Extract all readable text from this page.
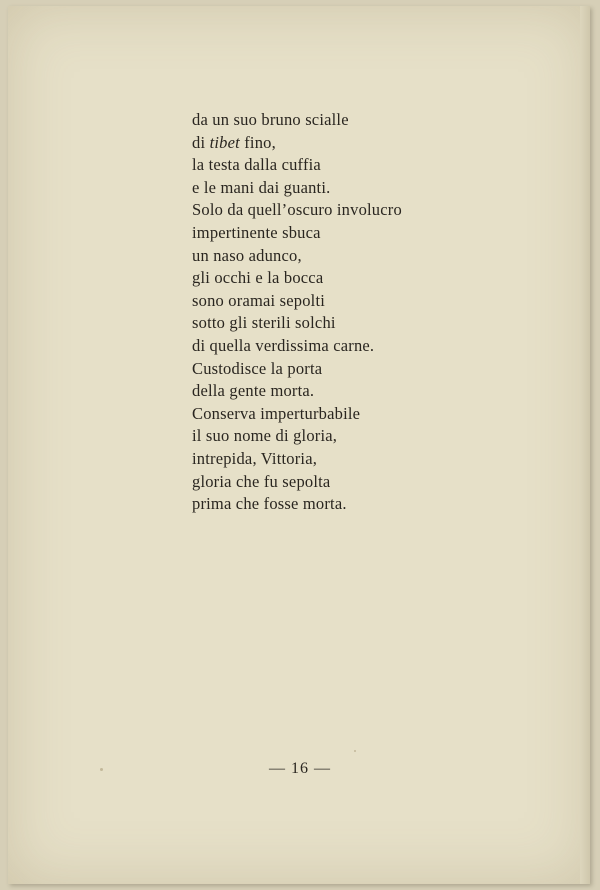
da un suo bruno scialle
di tibet fino,
la testa dalla cuffia
e le mani dai guanti.
Solo da quell’oscuro involucro
impertinente sbuca
un naso adunco,
gli occhi e la bocca
sono oramai sepolti
sotto gli sterili solchi
di quella verdissima carne.
Custodisce la porta
della gente morta.
Conserva imperturbabile
il suo nome di gloria,
intrepida, Vittoria,
gloria che fu sepolta
prima che fosse morta.
— 16 —
